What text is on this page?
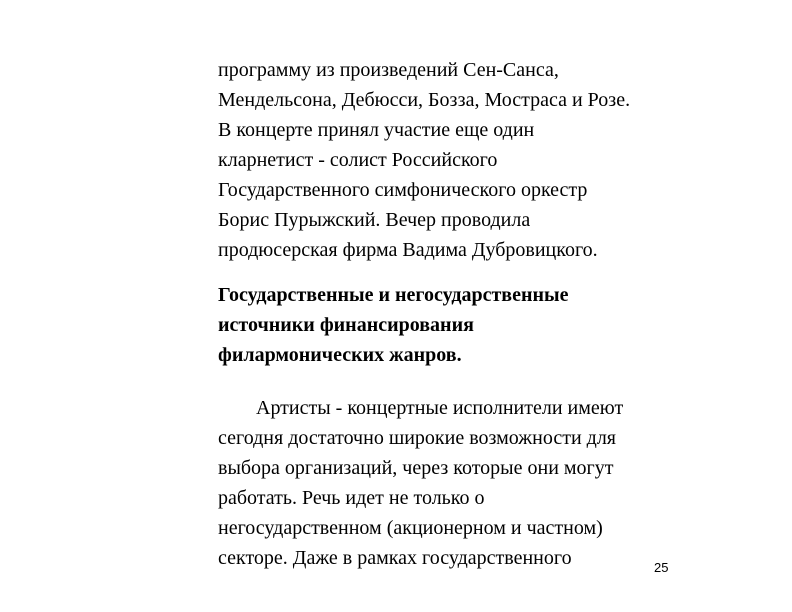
программу из произведений Сен-Санса,
Мендельсона, Дебюсси, Бозза, Мостраса и Розе.
В концерте принял участие еще один
кларнетист - солист Российского
Государственного симфонического оркестр
Борис Пурыжский. Вечер проводила
продюсерская фирма Вадима Дубровицкого.
Государственные и негосударственные
источники финансирования
филармонических жанров.
Артисты - концертные исполнители имеют
сегодня достаточно широкие возможности для
выбора организаций, через которые они могут
работать. Речь идет не только о
негосударственном (акционерном и частном)
секторе. Даже в рамках государственного	25
